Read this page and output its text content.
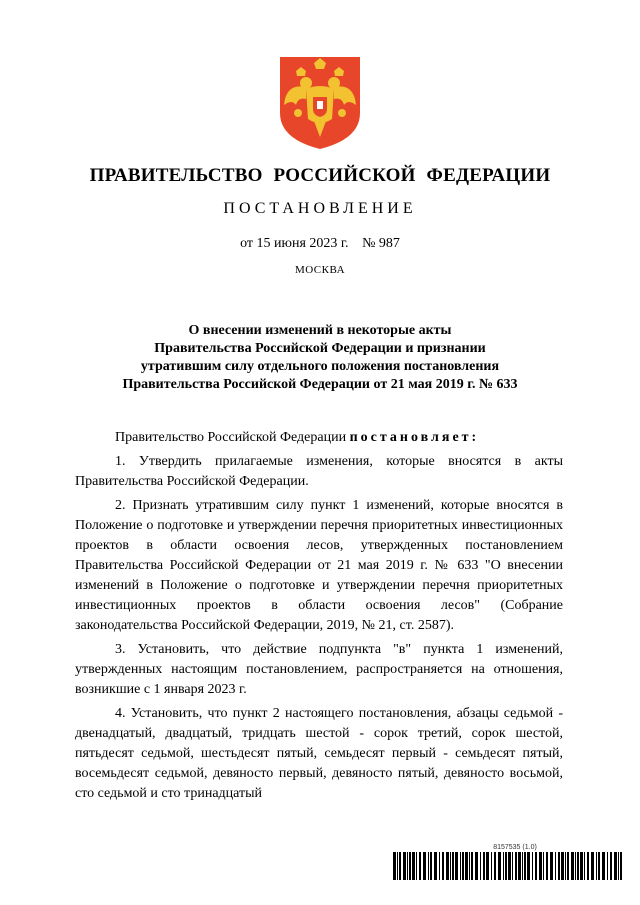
ПРАВИТЕЛЬСТВО РОССИЙСКОЙ ФЕДЕРАЦИИ
ПОСТАНОВЛЕНИЕ
от 15 июня 2023 г. № 987
МОСКВА
О внесении изменений в некоторые акты
Правительства Российской Федерации и признании
утратившим силу отдельного положения постановления
Правительства Российской Федерации от 21 мая 2019 г. № 633

Правительство Российской Федерации постановляет:

1. Утвердить прилагаемые изменения, которые вносятся в акты Правительства Российской Федерации.

2. Признать утратившим силу пункт 1 изменений, которые вносятся в Положение о подготовке и утверждении перечня приоритетных инвестиционных проектов в области освоения лесов, утвержденных постановлением Правительства Российской Федерации от 21 мая 2019 г. № 633 "О внесении изменений в Положение о подготовке и утверждении перечня приоритетных инвестиционных проектов в области освоения лесов" (Собрание законодательства Российской Федерации, 2019, № 21, ст. 2587).

3. Установить, что действие подпункта "в" пункта 1 изменений, утвержденных настоящим постановлением, распространяется на отношения, возникшие с 1 января 2023 г.

4. Установить, что пункт 2 настоящего постановления, абзацы седьмой - двенадцатый, двадцатый, тридцать шестой - сорок третий, сорок шестой, пятьдесят седьмой, шестьдесят пятый, семьдесят первый - семьдесят пятый, восемьдесят седьмой, девяносто первый, девяносто пятый, девяносто восьмой, сто седьмой и сто тринадцатый

8157535 (1.0)
